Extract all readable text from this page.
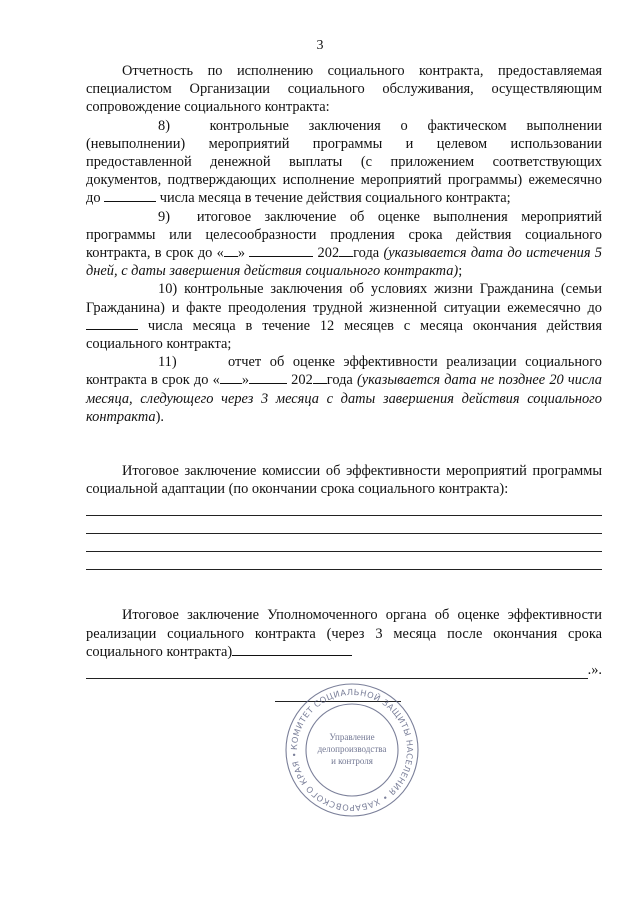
3

Отчетность по исполнению социального контракта, предоставляемая специалистом Организации социального обслуживания, осуществляющим сопровождение социального контракта:

8)	контрольные заключения о фактическом выполнении (невыполнении) мероприятий программы и целевом использовании предоставленной денежной выплаты (с приложением соответствующих документов, подтверждающих исполнение мероприятий программы) ежемесячно до	числа месяца в течение действия социального контракта;

9) итоговое заключение об оценке выполнения мероприятий программы или целесообразности продления срока действия социального контракта, в срок до « »	202 года (указывается дата до истечения 5 дней, с даты завершения действия социального контракта);

10) контрольные заключения об условиях жизни Гражданина (семьи Гражданина) и факте преодоления трудной жизненной ситуации ежемесячно до  числа месяца в течение 12 месяцев с месяца окончания действия социального контракта;

11)	отчет об оценке эффективности реализации социального контракта в срок до « »	202 года (указывается дата не позднее 20 числа месяца, следующего через 3 месяца с даты завершения действия социального контракта).

Итоговое заключение комиссии об эффективности мероприятий программы социальной адаптации (по окончании срока социального контракта):

Итоговое заключение Уполномоченного органа об оценке эффективности реализации социального контракта (через 3 месяца после окончания срока социального контракта)

.».
КОМИТЕТ СОЦИАЛЬНОЙ ЗАЩИТЫ НАСЕЛЕНИЯ • ХАБАРОВСКОГО КРАЯ •
Управление
делопроизводства
и контроля
